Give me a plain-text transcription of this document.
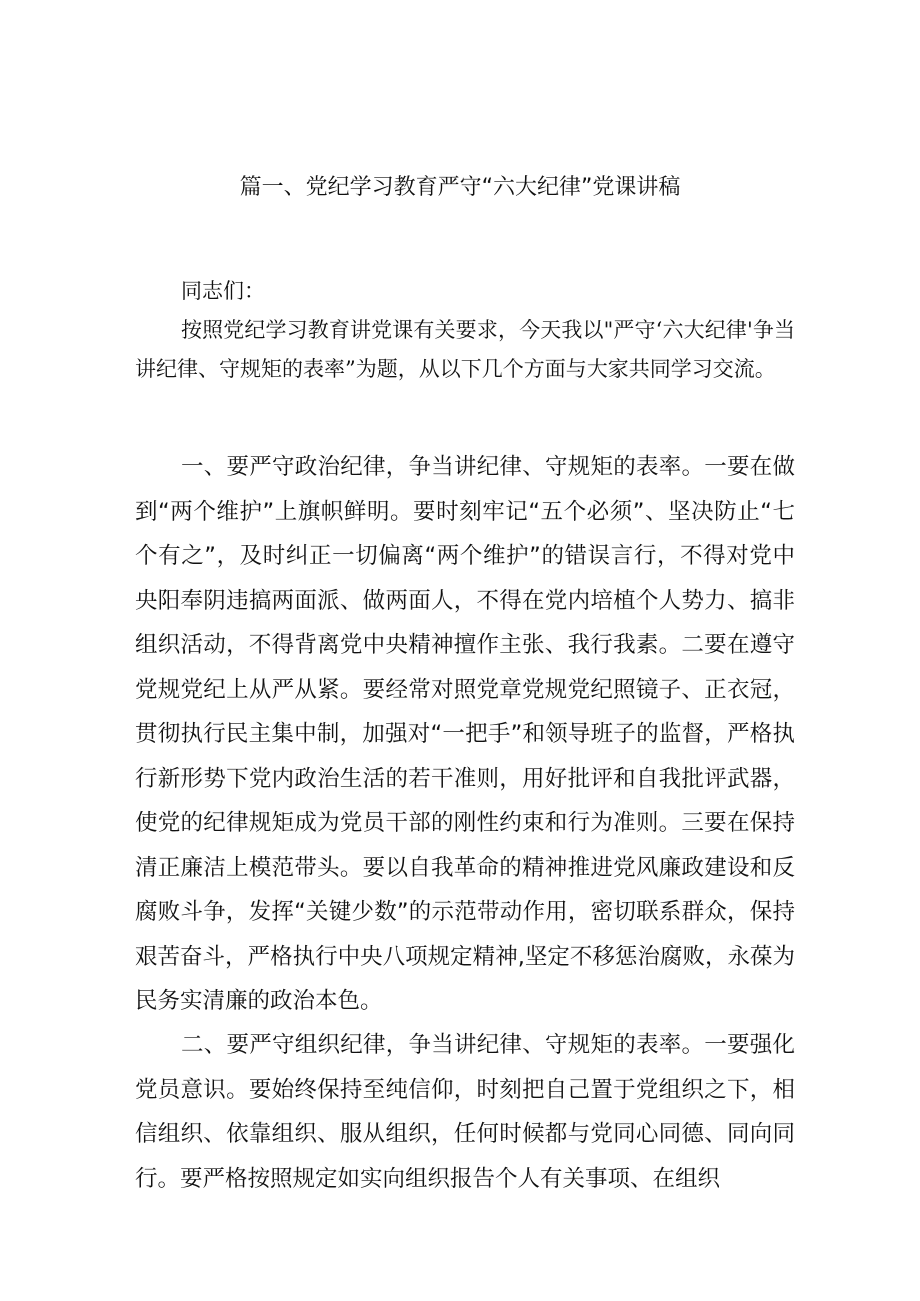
篇一、党纪学习教育严守“六大纪律”党课讲稿

同志们：

按照党纪学习教育讲党课有关要求，今天我以"严守‘六大纪律'争当讲纪律、守规矩的表率”为题，从以下几个方面与大家共同学习交流。

一、要严守政治纪律，争当讲纪律、守规矩的表率。一要在做到“两个维护”上旗帜鲜明。要时刻牢记“五个必须”、坚决防止“七个有之”，及时纠正一切偏离“两个维护”的错误言行，不得对党中央阳奉阴违搞两面派、做两面人，不得在党内培植个人势力、搞非组织活动，不得背离党中央精神擅作主张、我行我素。二要在遵守党规党纪上从严从紧。要经常对照党章党规党纪照镜子、正衣冠，贯彻执行民主集中制，加强对“一把手”和领导班子的监督，严格执行新形势下党内政治生活的若干准则，用好批评和自我批评武器，使党的纪律规矩成为党员干部的刚性约束和行为准则。三要在保持清正廉洁上模范带头。要以自我革命的精神推进党风廉政建设和反腐败斗争，发挥“关键少数”的示范带动作用，密切联系群众，保持艰苦奋斗，严格执行中央八项规定精神,坚定不移惩治腐败，永葆为民务实清廉的政治本色。

二、要严守组织纪律，争当讲纪律、守规矩的表率。一要强化党员意识。要始终保持至纯信仰，时刻把自己置于党组织之下，相信组织、依靠组织、服从组织，任何时候都与党同心同德、同向同行。要严格按照规定如实向组织报告个人有关事项、在组织
